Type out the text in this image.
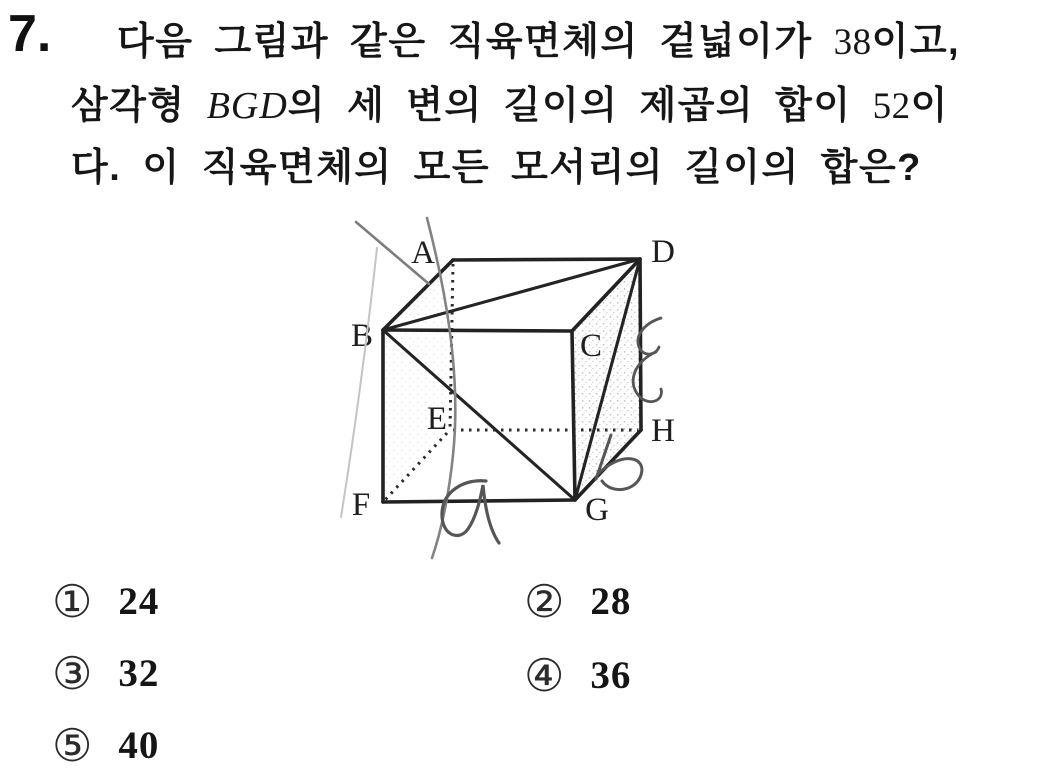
7. 다음 그림과 같은 직육면체의 겉넓이가 38이고,
삼각형 BGD의 세 변의 길이의 제곱의 합이 52이
다. 이 직육면체의 모든 모서리의 길이의 합은?
A
B	C
D
E
F	G
H
① 24	② 28
③ 32	④ 36
⑤ 40
